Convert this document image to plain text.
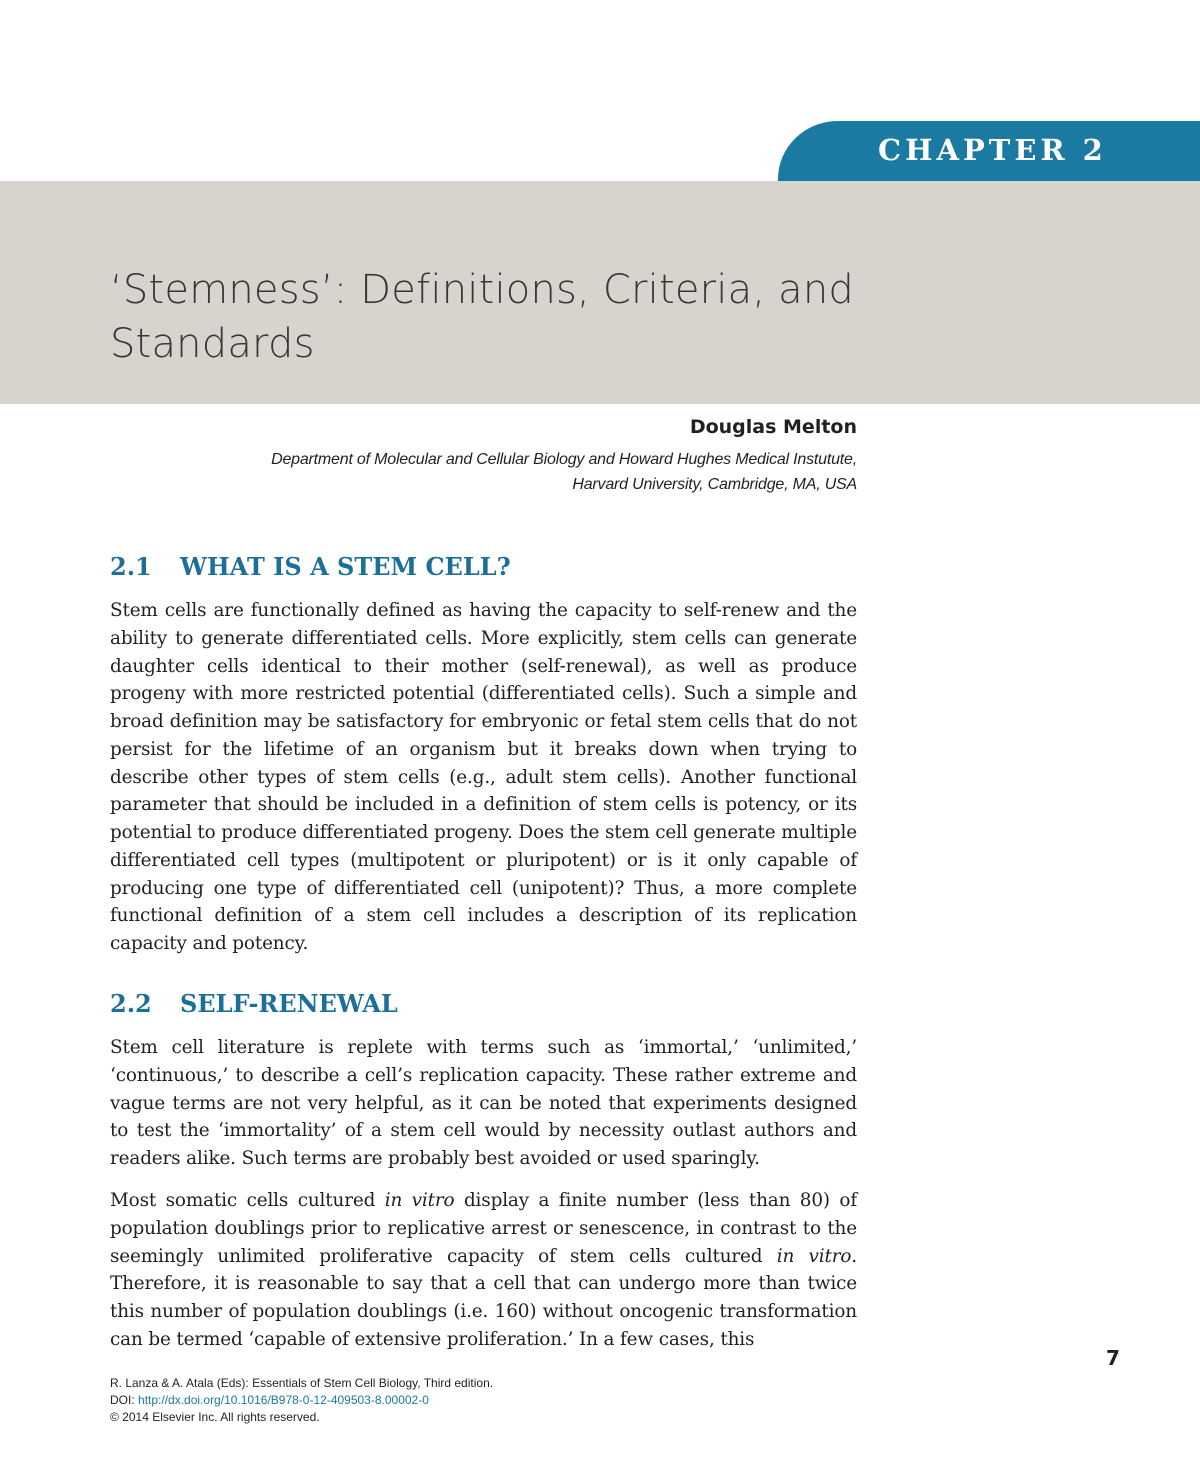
CHAPTER 2
‘Stemness’: Definitions, Criteria, and Standards
Douglas Melton
Department of Molecular and Cellular Biology and Howard Hughes Medical Instutute,
Harvard University, Cambridge, MA, USA
2.1 WHAT IS A STEM CELL?

Stem cells are functionally defined as having the capacity to self-renew and the ability to generate differentiated cells. More explicitly, stem cells can generate daughter cells identical to their mother (self-renewal), as well as produce progeny with more restricted potential (differentiated cells). Such a simple and broad definition may be satisfactory for embryonic or fetal stem cells that do not persist for the lifetime of an organism but it breaks down when trying to describe other types of stem cells (e.g., adult stem cells). Another functional parameter that should be included in a definition of stem cells is potency, or its potential to produce differentiated progeny. Does the stem cell generate multiple differentiated cell types (multipotent or pluripotent) or is it only capable of producing one type of differentiated cell (unipotent)? Thus, a more complete functional definition of a stem cell includes a description of its replication capacity and potency.

2.2 SELF-RENEWAL

Stem cell literature is replete with terms such as ‘immortal,’ ‘unlimited,’ ‘continuous,’ to describe a cell’s replication capacity. These rather extreme and vague terms are not very helpful, as it can be noted that experiments designed to test the ‘immortality’ of a stem cell would by necessity outlast authors and readers alike. Such terms are probably best avoided or used sparingly.

Most somatic cells cultured in vitro display a finite number (less than 80) of population doublings prior to replicative arrest or senescence, in contrast to the seemingly unlimited proliferative capacity of stem cells cultured in vitro. Therefore, it is reasonable to say that a cell that can undergo more than twice this number of population doublings (i.e. 160) without oncogenic transformation can be termed ‘capable of extensive proliferation.’ In a few cases, this

7
R. Lanza & A. Atala (Eds): Essentials of Stem Cell Biology, Third edition.
DOI: http://dx.doi.org/10.1016/B978-0-12-409503-8.00002-0
© 2014 Elsevier Inc. All rights reserved.
